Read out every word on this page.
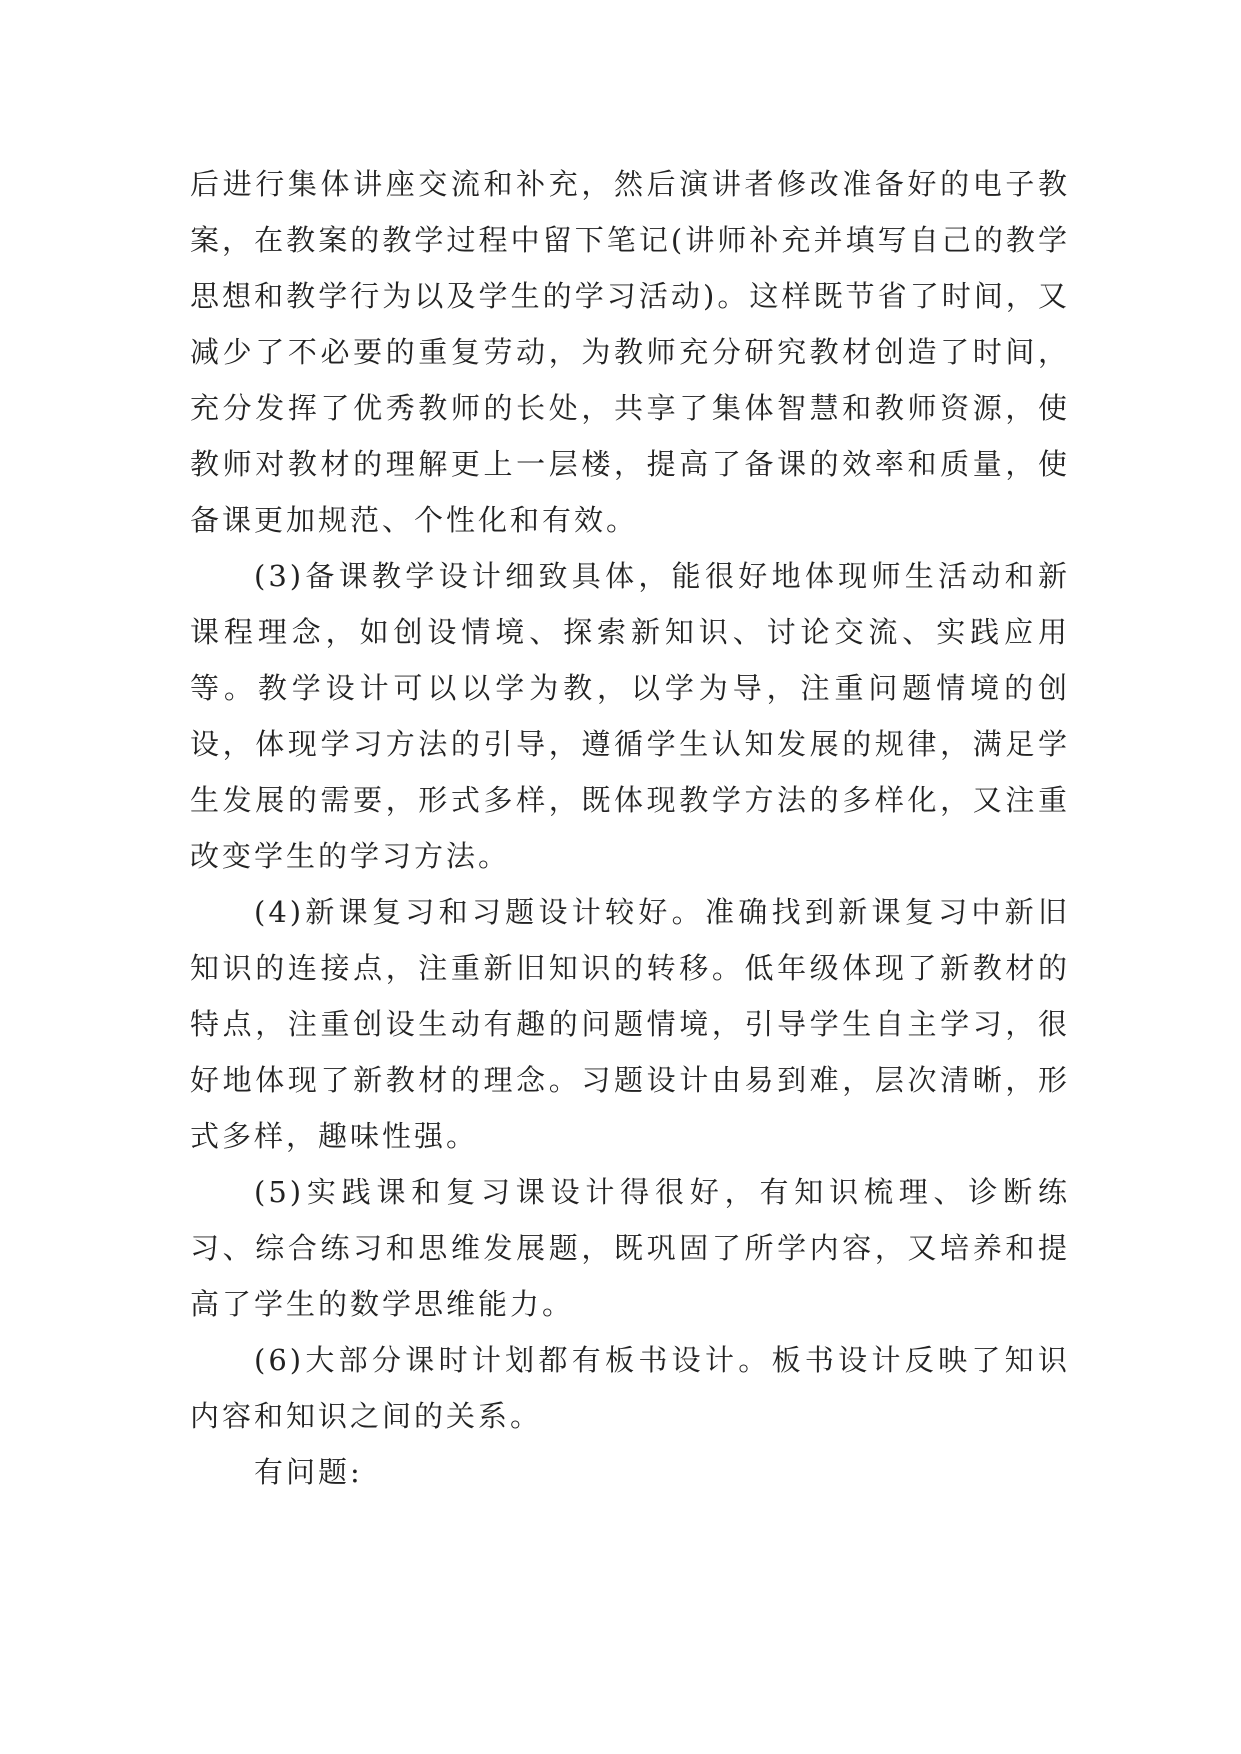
后进行集体讲座交流和补充，然后演讲者修改准备好的电子教案，在教案的教学过程中留下笔记(讲师补充并填写自己的教学思想和教学行为以及学生的学习活动)。这样既节省了时间，又减少了不必要的重复劳动，为教师充分研究教材创造了时间，充分发挥了优秀教师的长处，共享了集体智慧和教师资源，使教师对教材的理解更上一层楼，提高了备课的效率和质量，使备课更加规范、个性化和有效。

(3)备课教学设计细致具体，能很好地体现师生活动和新课程理念，如创设情境、探索新知识、讨论交流、实践应用等。教学设计可以以学为教，以学为导，注重问题情境的创设，体现学习方法的引导，遵循学生认知发展的规律，满足学生发展的需要，形式多样，既体现教学方法的多样化，又注重改变学生的学习方法。

(4)新课复习和习题设计较好。准确找到新课复习中新旧知识的连接点，注重新旧知识的转移。低年级体现了新教材的特点，注重创设生动有趣的问题情境，引导学生自主学习，很好地体现了新教材的理念。习题设计由易到难，层次清晰，形式多样，趣味性强。

(5)实践课和复习课设计得很好，有知识梳理、诊断练习、综合练习和思维发展题，既巩固了所学内容，又培养和提高了学生的数学思维能力。

(6)大部分课时计划都有板书设计。板书设计反映了知识内容和知识之间的关系。

有问题:
